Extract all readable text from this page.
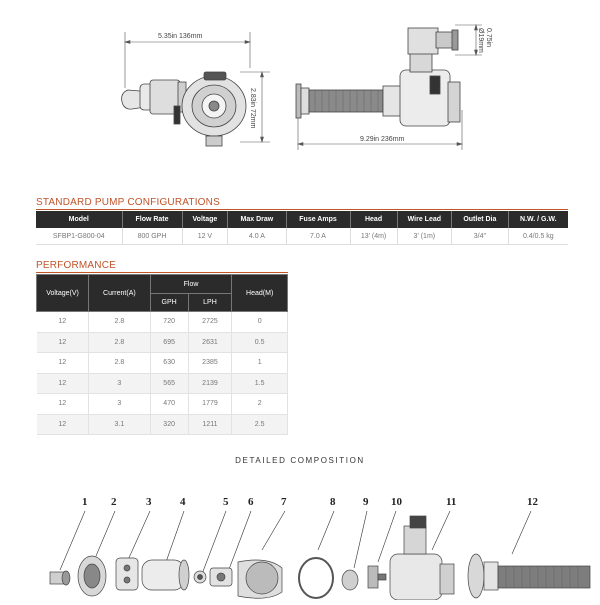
5.35in 136mm
2.83in 72mm
9.29in 236mm
0.75in
Ø19mm
STANDARD PUMP CONFIGURATIONS
Model	Flow Rate	Voltage	Max Draw	Fuse Amps	Head	Wire Lead	Outlet Dia	N.W. / G.W.
SFBP1-G800-04	800 GPH	12 V	4.0 A	7.0 A	13' (4m)	3' (1m)	3/4"	0.4/0.5 kg
PERFORMANCE
Voltage(V)	Current(A)	Flow		Head(M)
		GPH	LPH	
12	2.8	720	2725	0
12	2.8	695	2631	0.5
12	2.8	630	2385	1
12	3	565	2139	1.5
12	3	470	1779	2
12	3.1	320	1211	2.5
DETAILED COMPOSITION
1 2	3	4	5 6	7	8	9 10	11	12
